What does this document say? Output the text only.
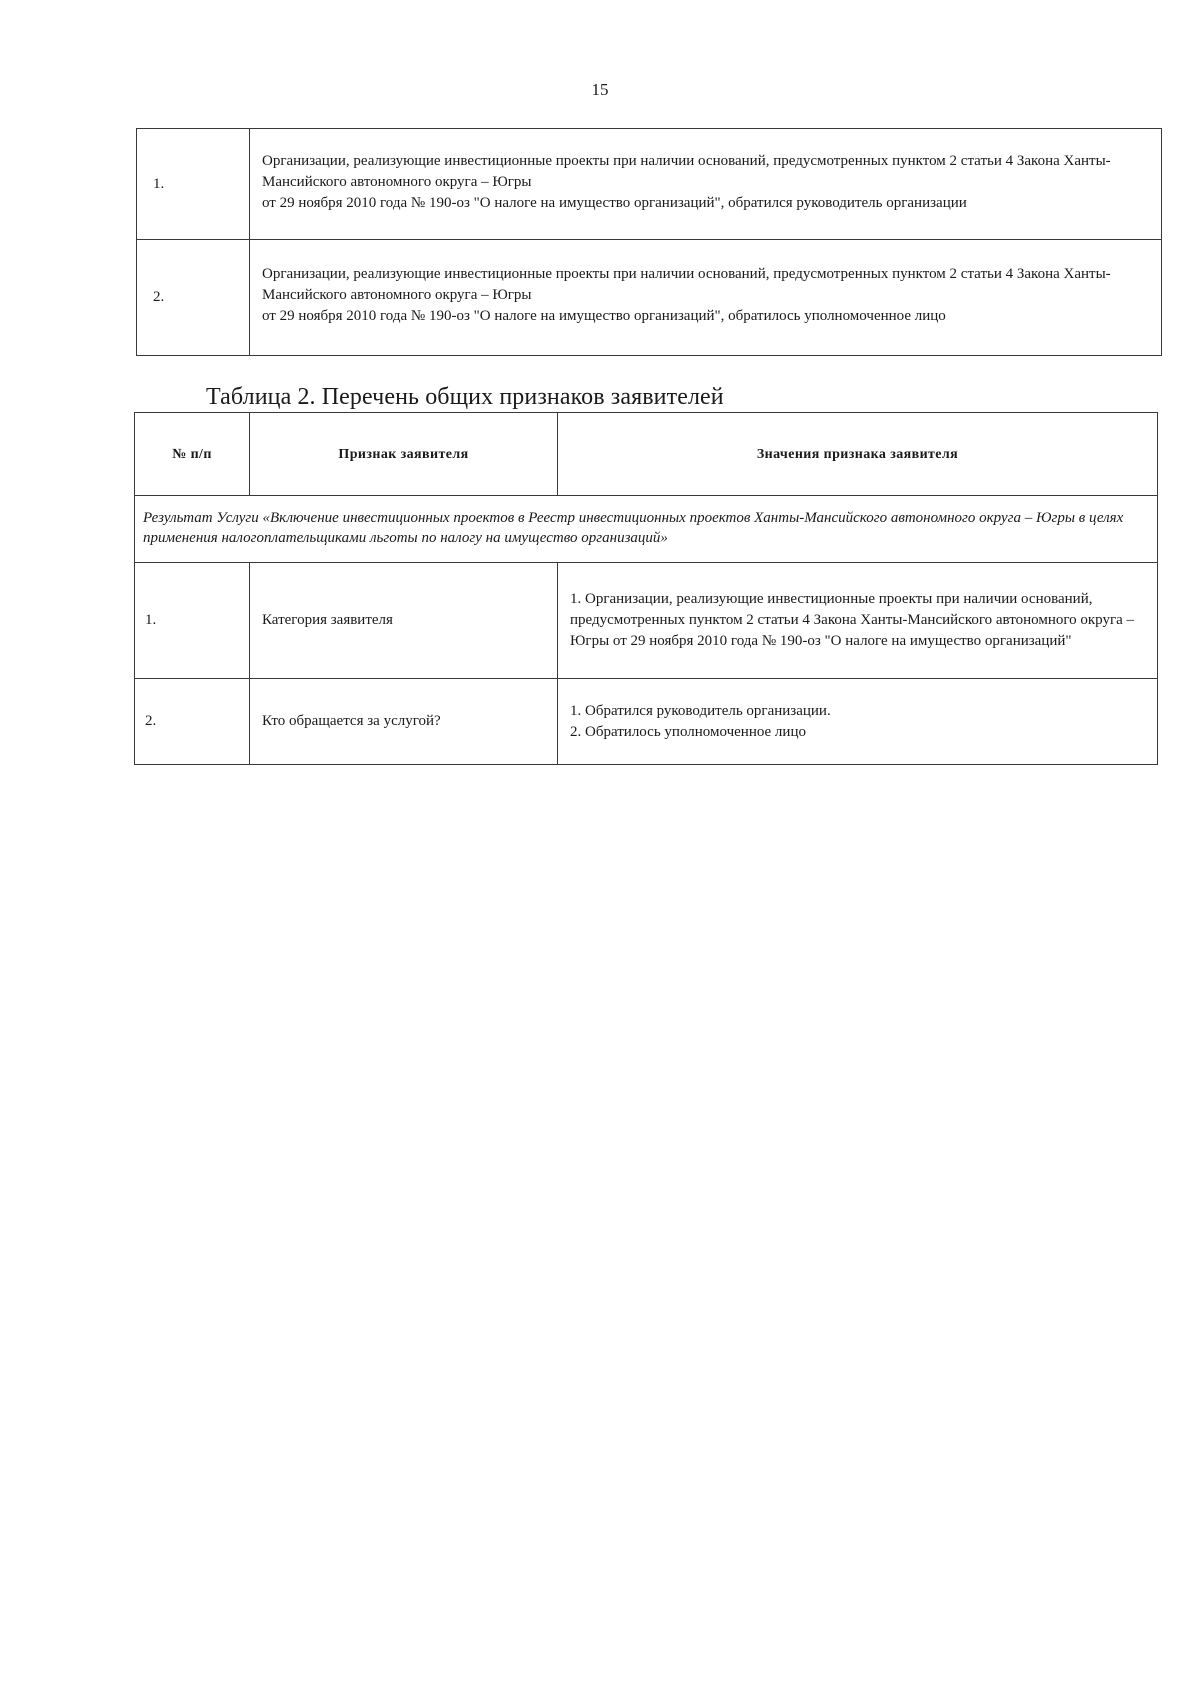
15
1.	Организации, реализующие инвестиционные проекты при наличии оснований, предусмотренных пунктом 2 статьи 4 Закона Ханты-Мансийского автономного округа – Югры
от 29 ноября 2010 года № 190-оз "О налоге на имущество организаций", обратился руководитель организации

2.	Организации, реализующие инвестиционные проекты при наличии оснований, предусмотренных пунктом 2 статьи 4 Закона Ханты-Мансийского автономного округа – Югры
от 29 ноября 2010 года № 190-оз "О налоге на имущество организаций", обратилось уполномоченное лицо
Таблица 2. Перечень общих признаков заявителей
№ п/п	Признак заявителя	Значения признака заявителя
Результат Услуги «Включение инвестиционных проектов в Реестр инвестиционных проектов Ханты-Мансийского автономного округа – Югры в целях применения налогоплательщиками льготы по налогу на имущество организаций»		
1.	Категория заявителя	1. Организации, реализующие инвестиционные проекты при наличии оснований, предусмотренных пунктом 2 статьи 4 Закона Ханты-Мансийского автономного округа – Югры от 29 ноября 2010 года № 190-оз "О налоге на имущество организаций"

2.	Кто обращается за услугой?	1. Обратился руководитель организации.
2. Обратилось уполномоченное лицо
